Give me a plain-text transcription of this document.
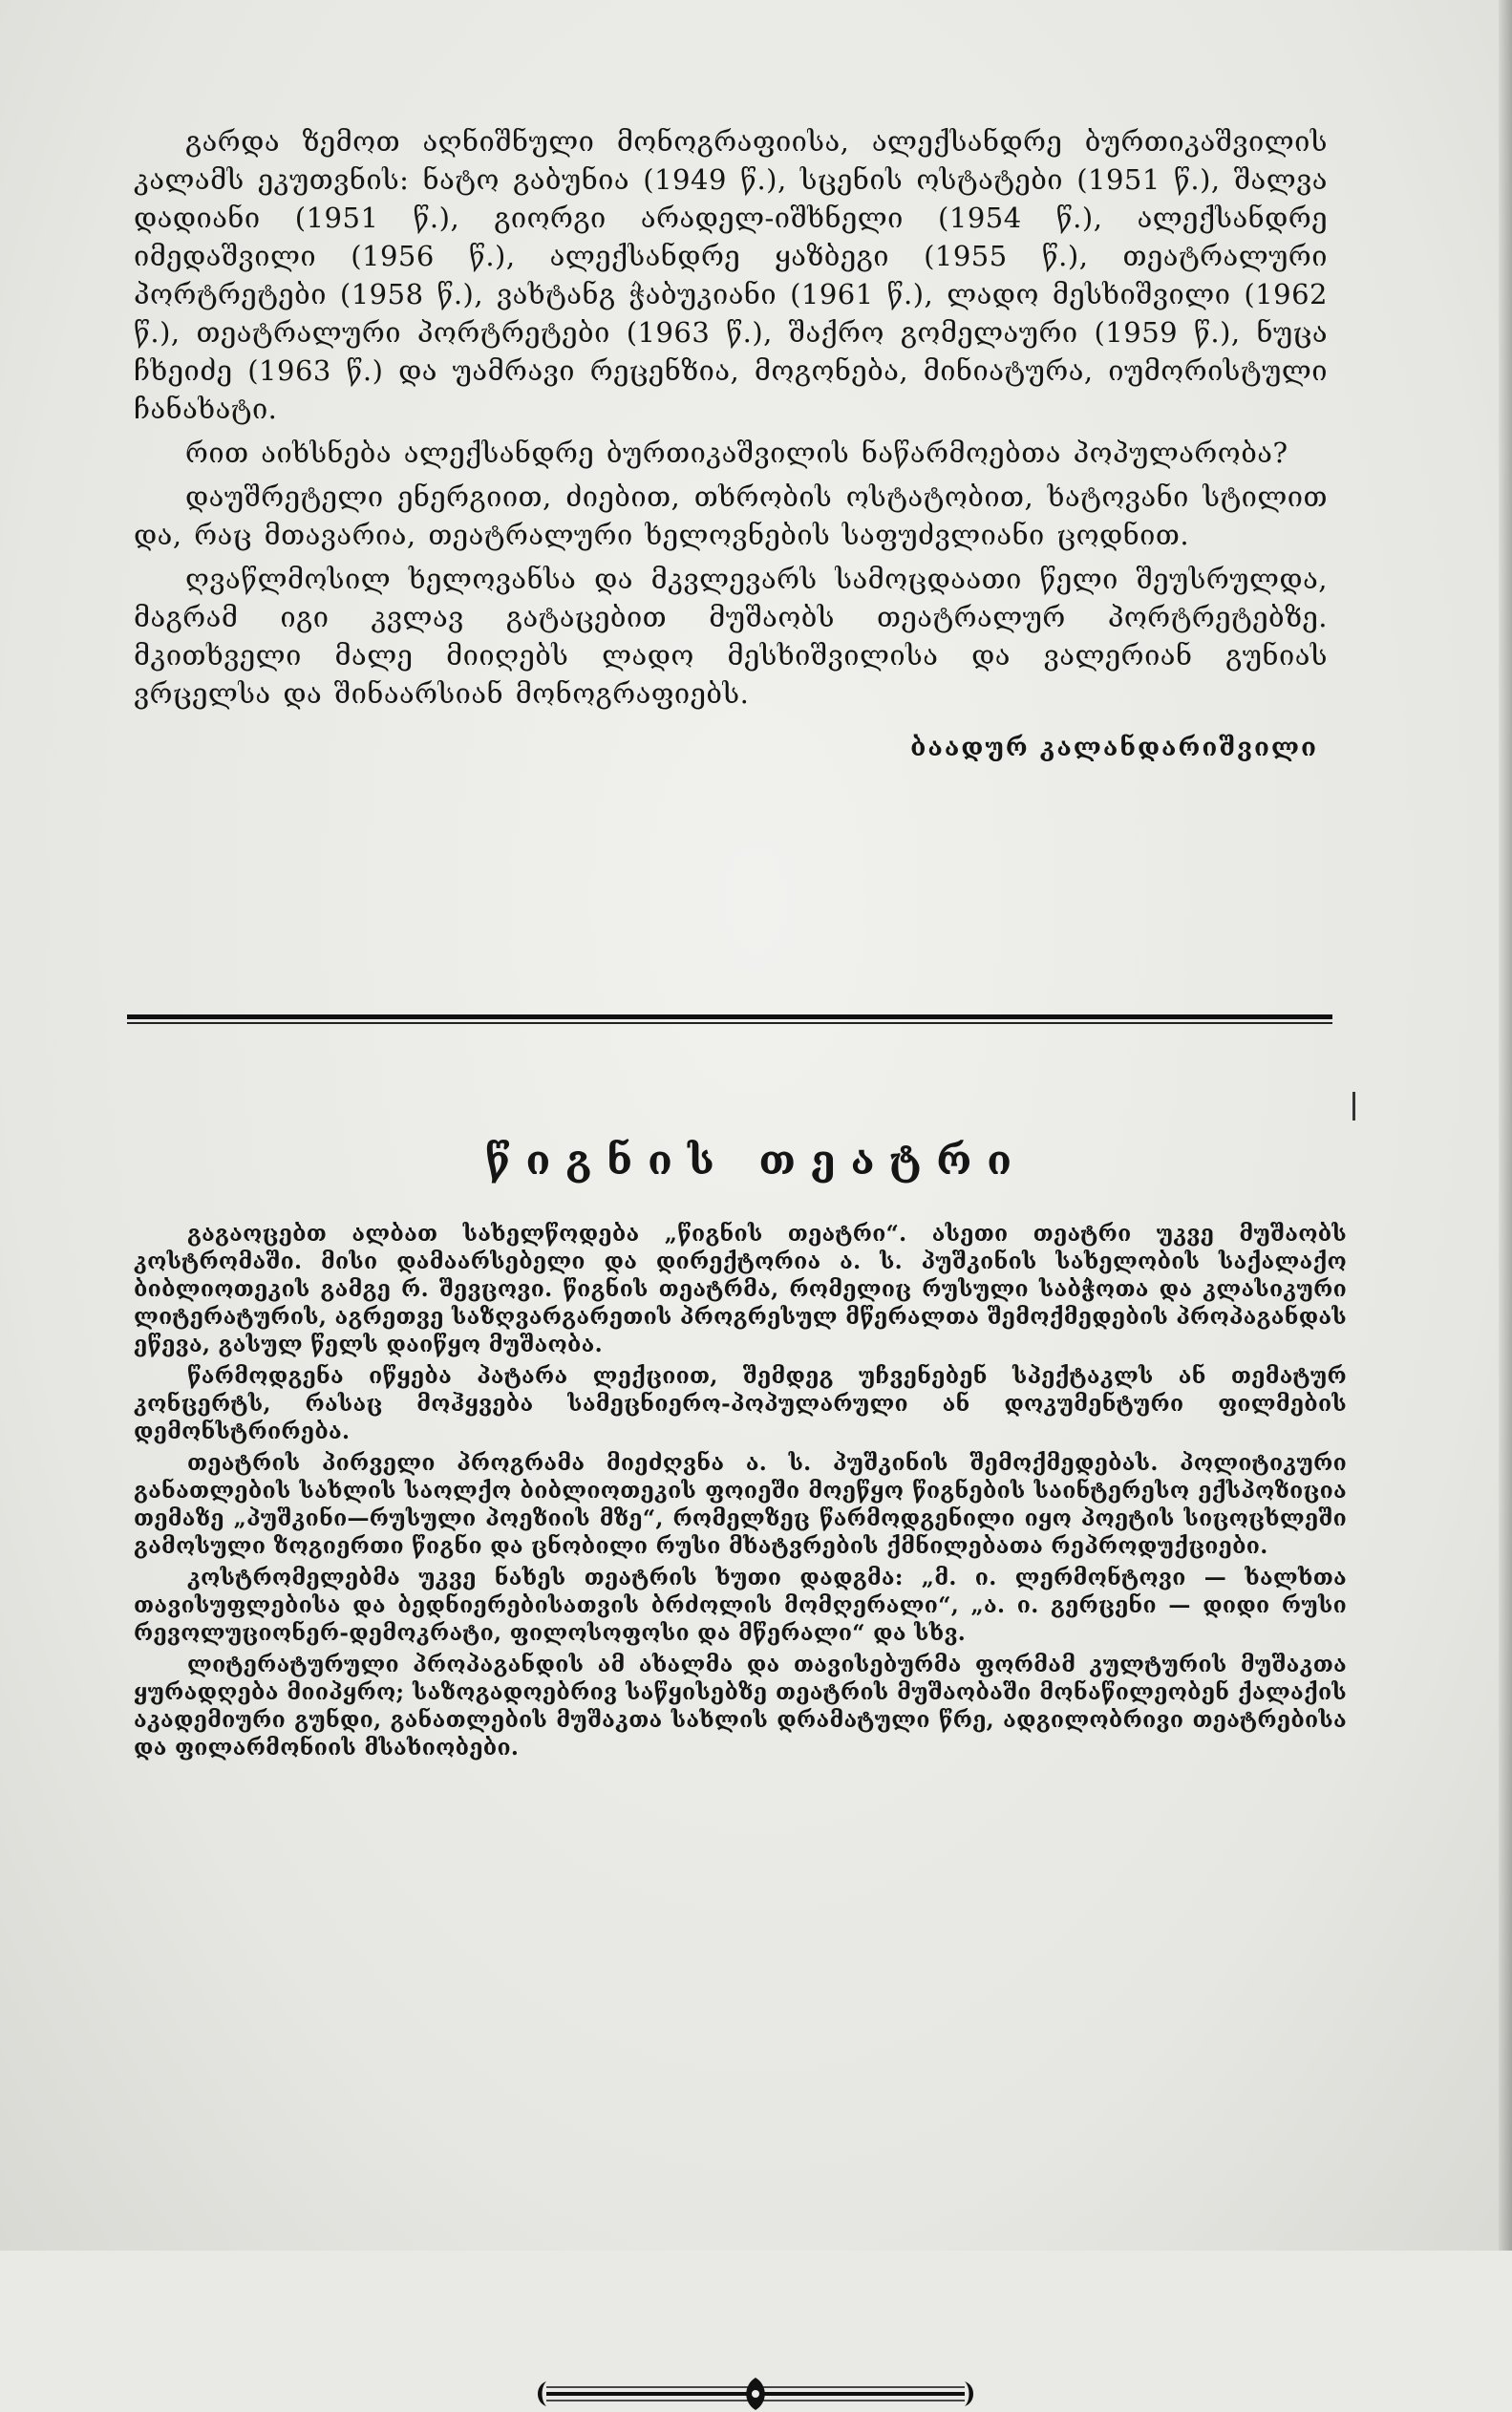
გარდა ზემოთ აღნიშნული მონოგრაფიისა, ალექსანდრე ბურთიკაშვილის კალამს ეკუთვნის: ნატო გაბუნია (1949 წ.), სცენის ოსტატები (1951 წ.), შალვა დადიანი (1951 წ.), გიორგი არადელ-იშხნელი (1954 წ.), ალექსანდრე იმედაშვილი (1956 წ.), ალექსანდრე ყაზბეგი (1955 წ.), თეატრალური პორტრეტები (1958 წ.), ვახტანგ ჭაბუკიანი (1961 წ.), ლადო მესხიშვილი (1962 წ.), თეატრალური პორტრეტები (1963 წ.), შაქრო გომელაური (1959 წ.), ნუცა ჩხეიძე (1963 წ.) და უამრავი რეცენზია, მოგონება, მინიატურა, იუმორისტული ჩანახატი.

რით აიხსნება ალექსანდრე ბურთიკაშვილის ნაწარმოებთა პოპულარობა?

დაუშრეტელი ენერგიით, ძიებით, თხრობის ოსტატობით, ხატოვანი სტილით და, რაც მთავარია, თეატრალური ხელოვნების საფუძვლიანი ცოდნით.

ღვაწლმოსილ ხელოვანსა და მკვლევარს სამოცდაათი წელი შეუსრულდა, მაგრამ იგი კვლავ გატაცებით მუშაობს თეატრალურ პორტრეტებზე. მკითხველი მალე მიიღებს ლადო მესხიშვილისა და ვალერიან გუნიას ვრცელსა და შინაარსიან მონოგრაფიებს.

ბაადურ კალანდარიშვილი

წიგნის თეატრი

გაგაოცებთ ალბათ სახელწოდება „წიგნის თეატრი“. ასეთი თეატრი უკვე მუშაობს კოსტრომაში. მისი დამაარსებელი და დირექტორია ა. ს. პუშკინის სახელობის საქალაქო ბიბლიოთეკის გამგე რ. შევცოვი. წიგნის თეატრმა, რომელიც რუსული საბჭოთა და კლასიკური ლიტერატურის, აგრეთვე საზღვარგარეთის პროგრესულ მწერალთა შემოქმედების პროპაგანდას ეწევა, გასულ წელს დაიწყო მუშაობა.

წარმოდგენა იწყება პატარა ლექციით, შემდეგ უჩვენებენ სპექტაკლს ან თემატურ კონცერტს, რასაც მოჰყვება სამეცნიერო-პოპულარული ან დოკუმენტური ფილმების დემონსტრირება.

თეატრის პირველი პროგრამა მიეძღვნა ა. ს. პუშკინის შემოქმედებას. პოლიტიკური განათლების სახლის საოლქო ბიბლიოთეკის ფოიეში მოეწყო წიგნების საინტერესო ექსპოზიცია თემაზე „პუშკინი—რუსული პოეზიის მზე“, რომელზეც წარმოდგენილი იყო პოეტის სიცოცხლეში გამოსული ზოგიერთი წიგნი და ცნობილი რუსი მხატვრების ქმნილებათა რეპროდუქციები.

კოსტრომელებმა უკვე ნახეს თეატრის ხუთი დადგმა: „მ. ი. ლერმონტოვი — ხალხთა თავისუფლებისა და ბედნიერებისათვის ბრძოლის მომღერალი“, „ა. ი. გერცენი — დიდი რუსი რევოლუციონერ-დემოკრატი, ფილოსოფოსი და მწერალი“ და სხვ.

ლიტერატურული პროპაგანდის ამ ახალმა და თავისებურმა ფორმამ კულტურის მუშაკთა ყურადღება მიიპყრო; საზოგადოებრივ საწყისებზე თეატრის მუშაობაში მონაწილეობენ ქალაქის აკადემიური გუნდი, განათლების მუშაკთა სახლის დრამატული წრე, ადგილობრივი თეატრებისა და ფილარმონიის მსახიობები.
